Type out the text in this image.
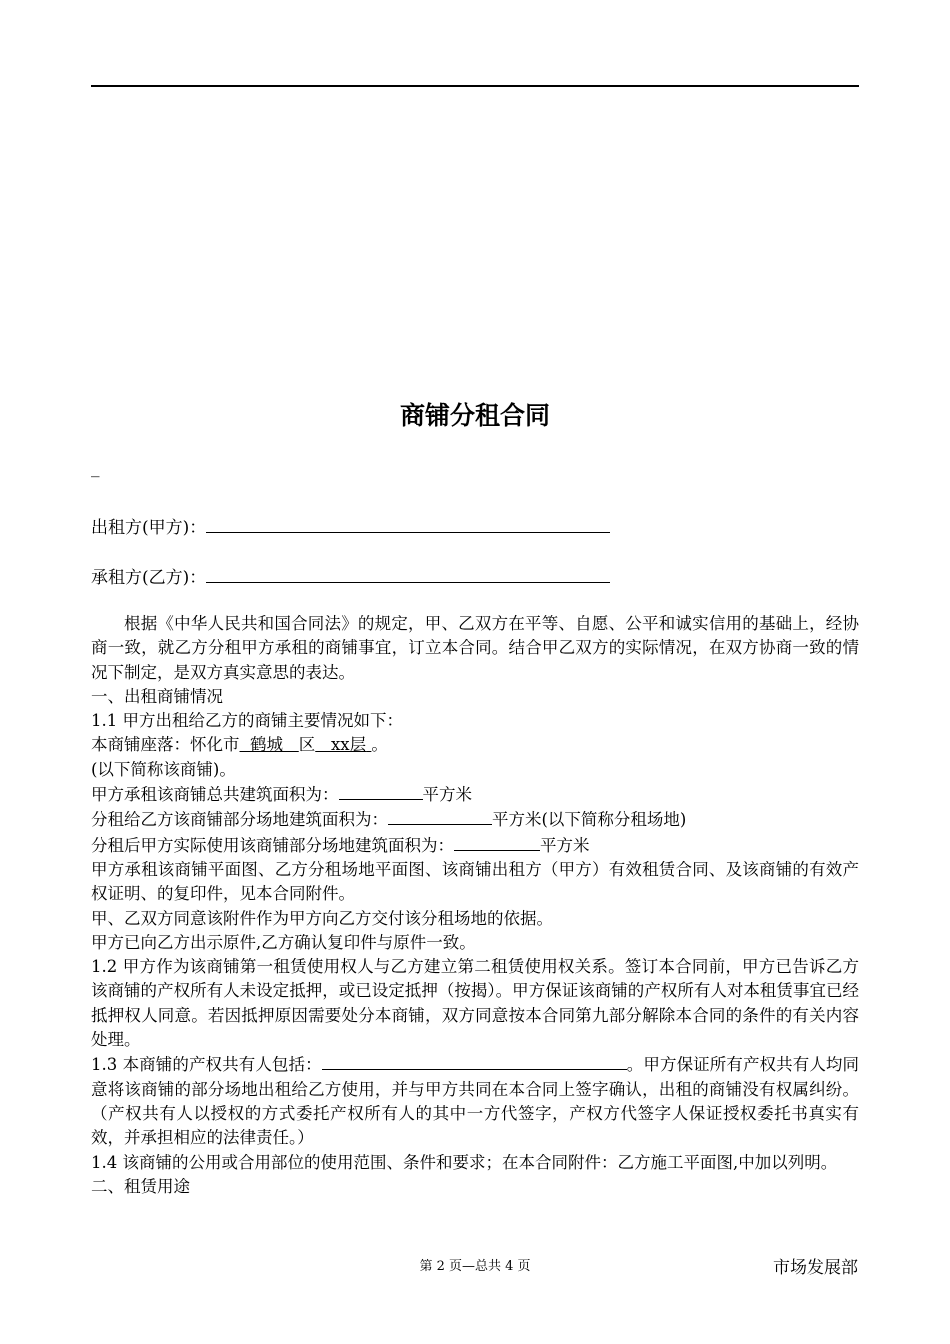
商铺分租合同
_
出租方(甲方)：
承租方(乙方)：

根据《中华人民共和国合同法》的规定，甲、乙双方在平等、自愿、公平和诚实信用的基础上，经协商一致，就乙方分租甲方承租的商铺事宜，订立本合同。结合甲乙双方的实际情况，在双方协商一致的情况下制定，是双方真实意思的表达。

一、出租商铺情况

1.1 甲方出租给乙方的商铺主要情况如下：

本商铺座落：怀化市 鹤城 区 xx层 。

(以下简称该商铺)。

甲方承租该商铺总共建筑面积为：	平方米

分租给乙方该商铺部分场地建筑面积为：	平方米(以下简称分租场地)

分租后甲方实际使用该商铺部分场地建筑面积为：	平方米

甲方承租该商铺平面图、乙方分租场地平面图、该商铺出租方（甲方）有效租赁合同、及该商铺的有效产权证明、的复印件，见本合同附件。

甲、乙双方同意该附件作为甲方向乙方交付该分租场地的依据。

甲方已向乙方出示原件,乙方确认复印件与原件一致。

1.2 甲方作为该商铺第一租赁使用权人与乙方建立第二租赁使用权关系。签订本合同前，甲方已告诉乙方该商铺的产权所有人未设定抵押，或已设定抵押（按揭）。甲方保证该商铺的产权所有人对本租赁事宜已经抵押权人同意。若因抵押原因需要处分本商铺，双方同意按本合同第九部分解除本合同的条件的有关内容处理。

1.3 本商铺的产权共有人包括：	。甲方保证所有产权共有人均同意将该商铺的部分场地出租给乙方使用，并与甲方共同在本合同上签字确认，出租的商铺没有权属纠纷。（产权共有人以授权的方式委托产权所有人的其中一方代签字，产权方代签字人保证授权委托书真实有效，并承担相应的法律责任。）

1.4 该商铺的公用或合用部位的使用范围、条件和要求；在本合同附件：乙方施工平面图,中加以列明。

二、租赁用途

第 2 页—总共 4 页	市场发展部
